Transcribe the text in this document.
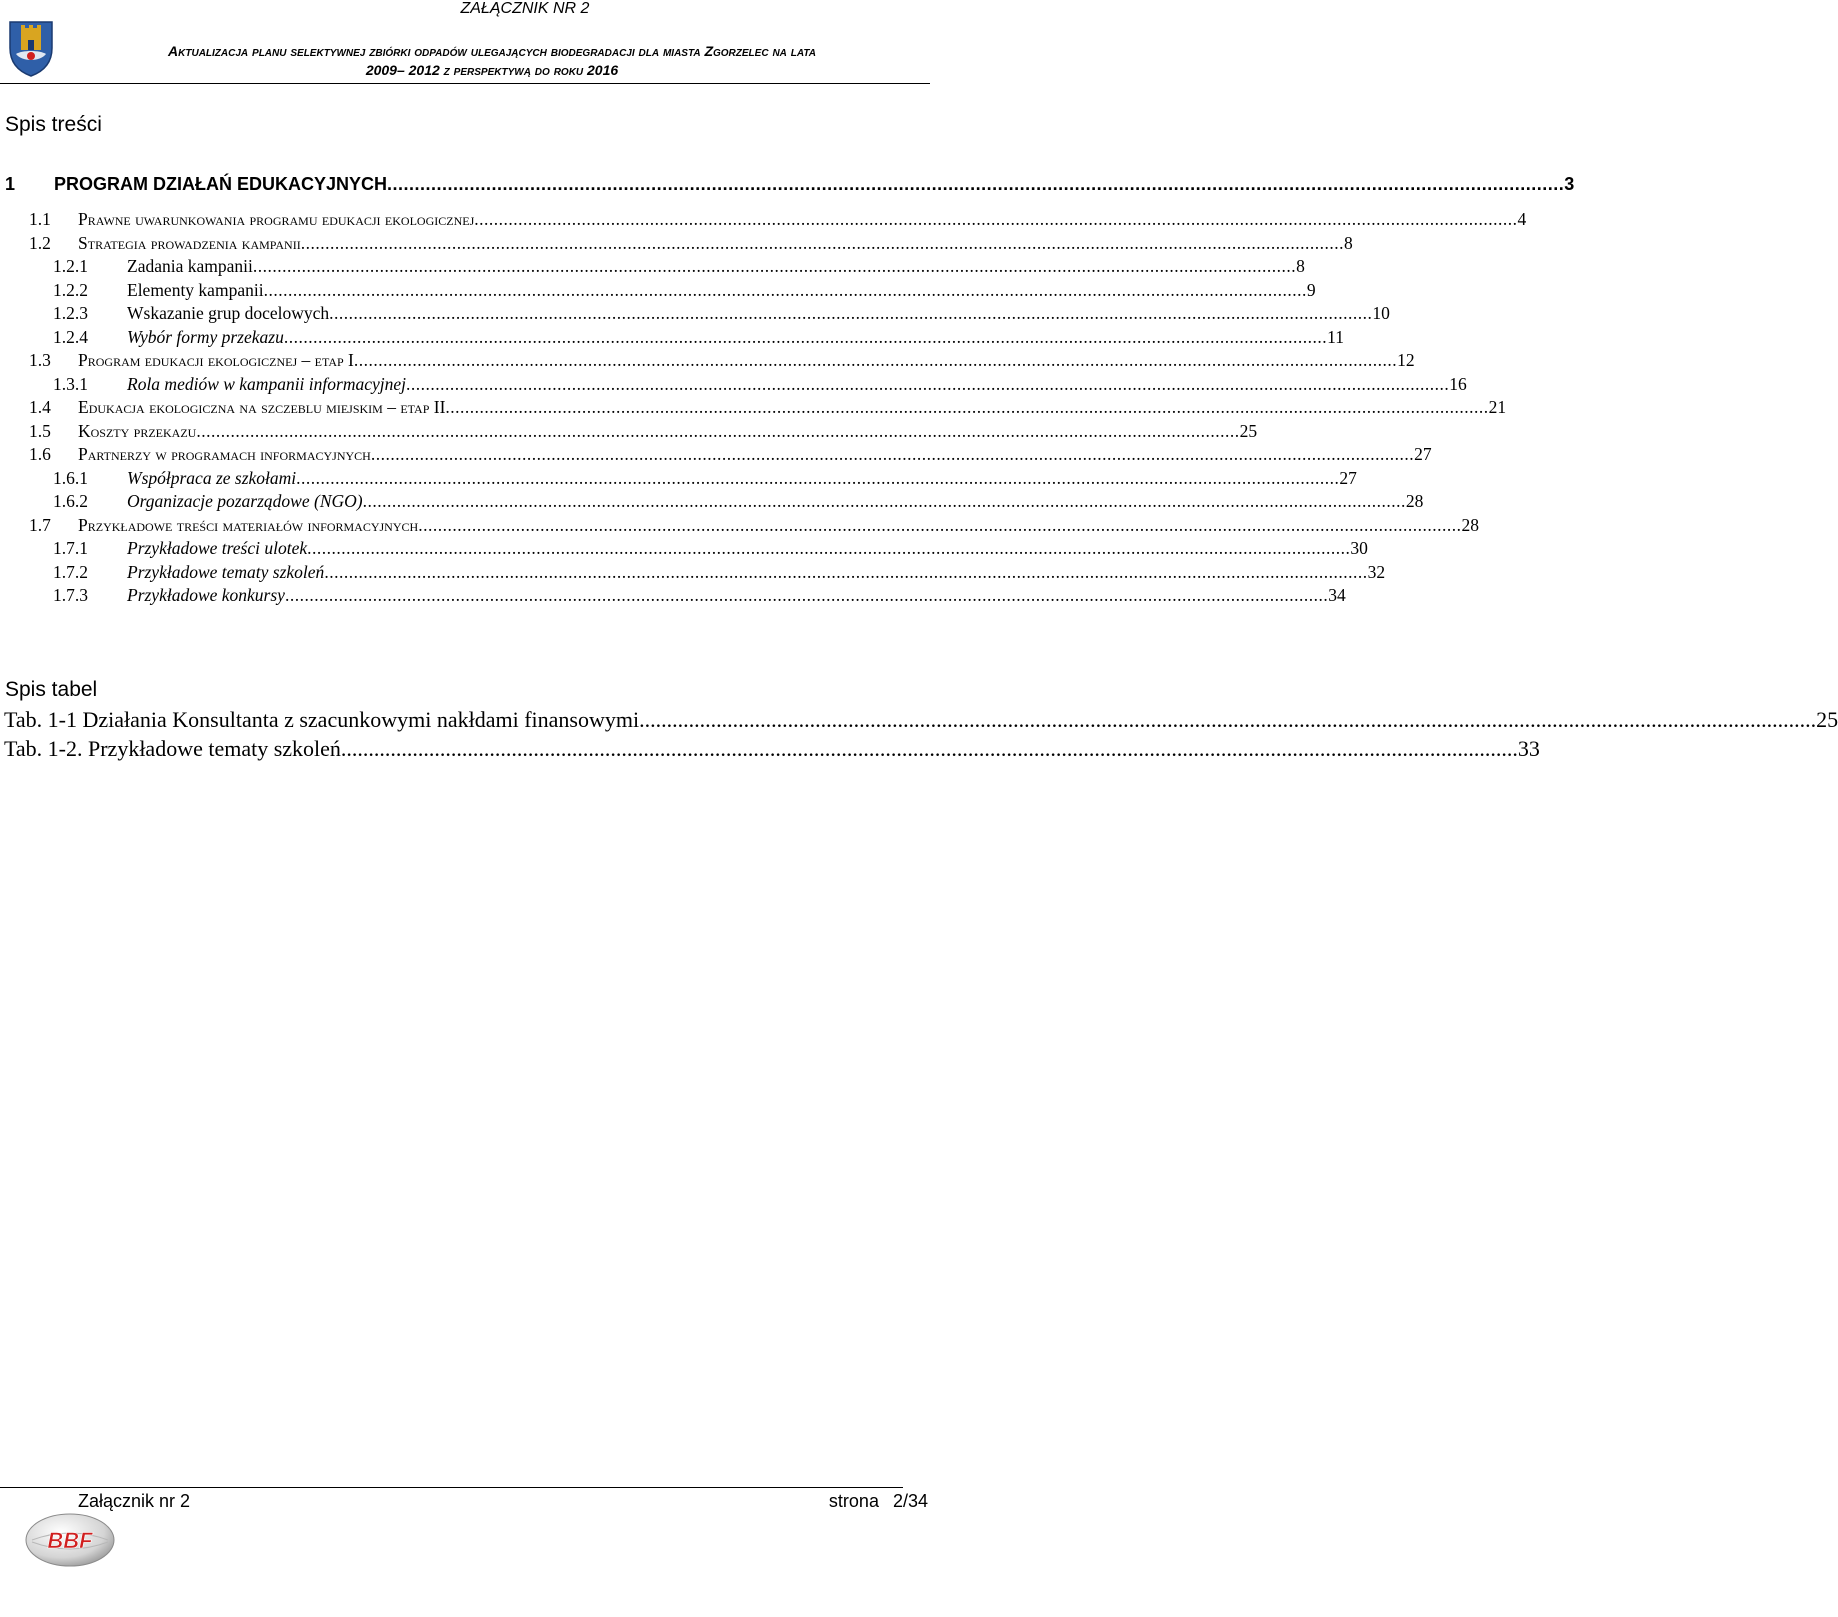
ZAŁĄCZNIK NR 2
Aktualizacja planu selektywnej zbiórki odpadów ulegających biodegradacji dla miasta Zgorzelec na lata
2009– 2012 z perspektywą do roku 2016
Spis treści
1 PROGRAM DZIAŁAŃ EDUKACYJNYCH ...................................................................................................................................................................................................................... 3
1.1 Prawne uwarunkowania programu edukacji ekologicznej ...................................................................................................................................................................................................................... 4
1.2 Strategia prowadzenia kampanii ...................................................................................................................................................................................................................... 8
1.2.1 Zadania kampanii ...................................................................................................................................................................................................................... 8
1.2.2 Elementy kampanii ...................................................................................................................................................................................................................... 9
1.2.3 Wskazanie grup docelowych ...................................................................................................................................................................................................................... 10
1.2.4 Wybór formy przekazu ...................................................................................................................................................................................................................... 11
1.3 Program edukacji ekologicznej – etap I ...................................................................................................................................................................................................................... 12
1.3.1 Rola mediów w kampanii informacyjnej ...................................................................................................................................................................................................................... 16
1.4 Edukacja ekologiczna na szczeblu miejskim – etap II ...................................................................................................................................................................................................................... 21
1.5 Koszty przekazu ...................................................................................................................................................................................................................... 25
1.6 Partnerzy w programach informacyjnych ...................................................................................................................................................................................................................... 27
1.6.1 Współpraca ze szkołami ...................................................................................................................................................................................................................... 27
1.6.2 Organizacje pozarządowe (NGO) ...................................................................................................................................................................................................................... 28
1.7 Przykładowe treści materiałów informacyjnych ...................................................................................................................................................................................................................... 28
1.7.1 Przykładowe treści ulotek ...................................................................................................................................................................................................................... 30
1.7.2 Przykładowe tematy szkoleń ...................................................................................................................................................................................................................... 32
1.7.3 Przykładowe konkursy ...................................................................................................................................................................................................................... 34
Spis tabel
Tab. 1-1 Działania Konsultanta z szacunkowymi nakłdami finansowymi ...................................................................................................................................................................................................................... 25
Tab. 1-2. Przykładowe tematy szkoleń ...................................................................................................................................................................................................................... 33
Załącznik nr 2	strona 2/34
BBF
